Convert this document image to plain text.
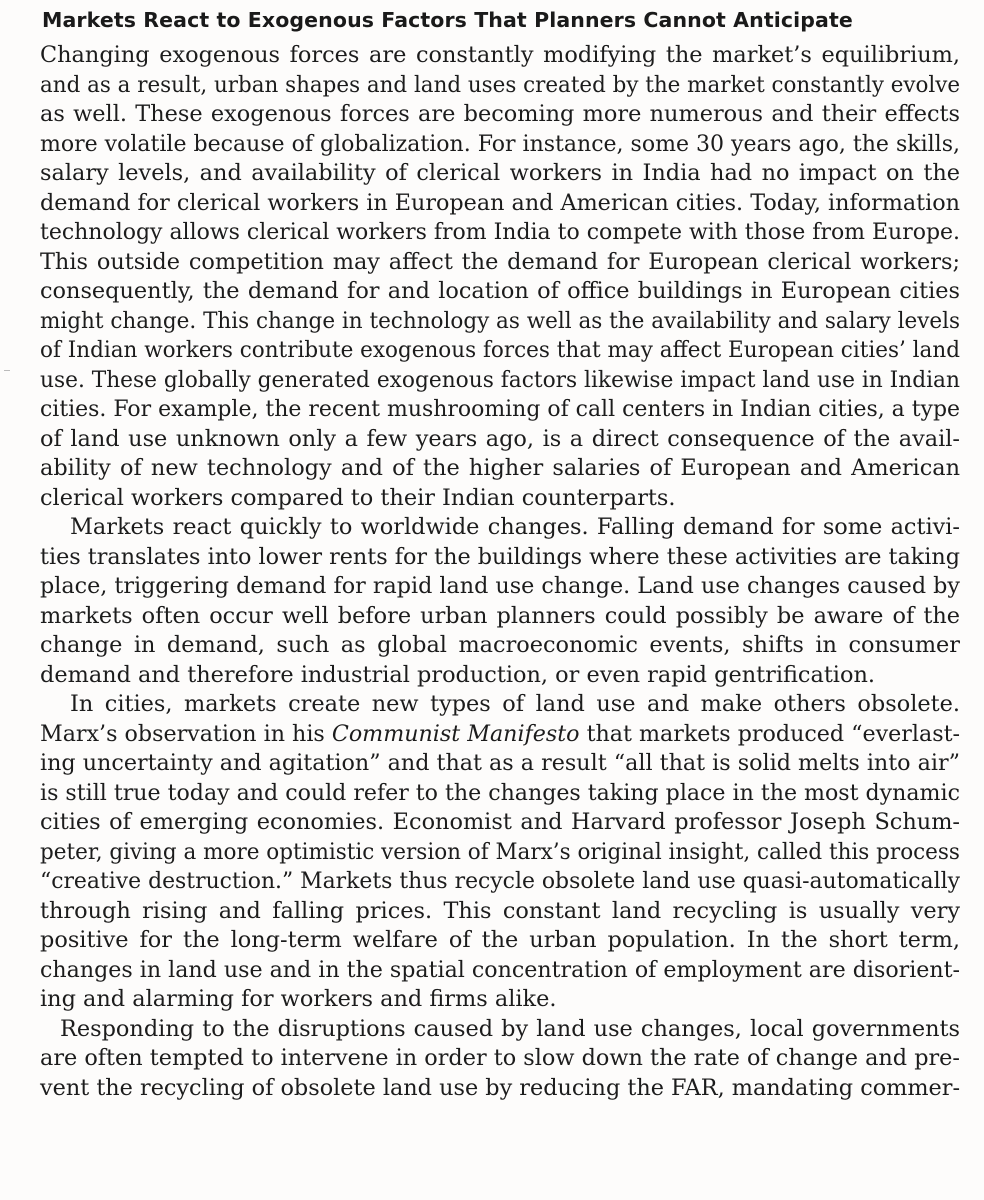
Markets React to Exogenous Factors That Planners Cannot Anticipate
Changing exogenous forces are constantly modifying the market’s equilibrium,
and as a result, urban shapes and land uses created by the market constantly evolve
as well. These exogenous forces are becoming more numerous and their effects
more volatile because of globalization. For instance, some 30 years ago, the skills,
salary levels, and availability of clerical workers in India had no impact on the
demand for clerical workers in European and American cities. Today, information
technology allows clerical workers from India to compete with those from Europe.
This outside competition may affect the demand for European clerical workers;
consequently, the demand for and location of office buildings in European cities
might change. This change in technology as well as the availability and salary levels
of Indian workers contribute exogenous forces that may affect European cities’ land
use. These globally generated exogenous factors likewise impact land use in Indian
cities. For example, the recent mushrooming of call centers in Indian cities, a type
of land use unknown only a few years ago, is a direct consequence of the avail-
ability of new technology and of the higher salaries of European and American
clerical workers compared to their Indian counterparts.
Markets react quickly to worldwide changes. Falling demand for some activi-
ties translates into lower rents for the buildings where these activities are taking
place, triggering demand for rapid land use change. Land use changes caused by
markets often occur well before urban planners could possibly be aware of the
change in demand, such as global macroeconomic events, shifts in consumer
demand and therefore industrial production, or even rapid gentrification.
In cities, markets create new types of land use and make others obsolete.
Marx’s observation in his Communist Manifesto that markets produced “everlast-
ing uncertainty and agitation” and that as a result “all that is solid melts into air”
is still true today and could refer to the changes taking place in the most dynamic
cities of emerging economies. Economist and Harvard professor Joseph Schum-
peter, giving a more optimistic version of Marx’s original insight, called this process
“creative destruction.” Markets thus recycle obsolete land use quasi-automatically
through rising and falling prices. This constant land recycling is usually very
positive for the long-term welfare of the urban population. In the short term,
changes in land use and in the spatial concentration of employment are disorient-
ing and alarming for workers and firms alike.
Responding to the disruptions caused by land use changes, local governments
are often tempted to intervene in order to slow down the rate of change and pre-
vent the recycling of obsolete land use by reducing the FAR, mandating commer-
